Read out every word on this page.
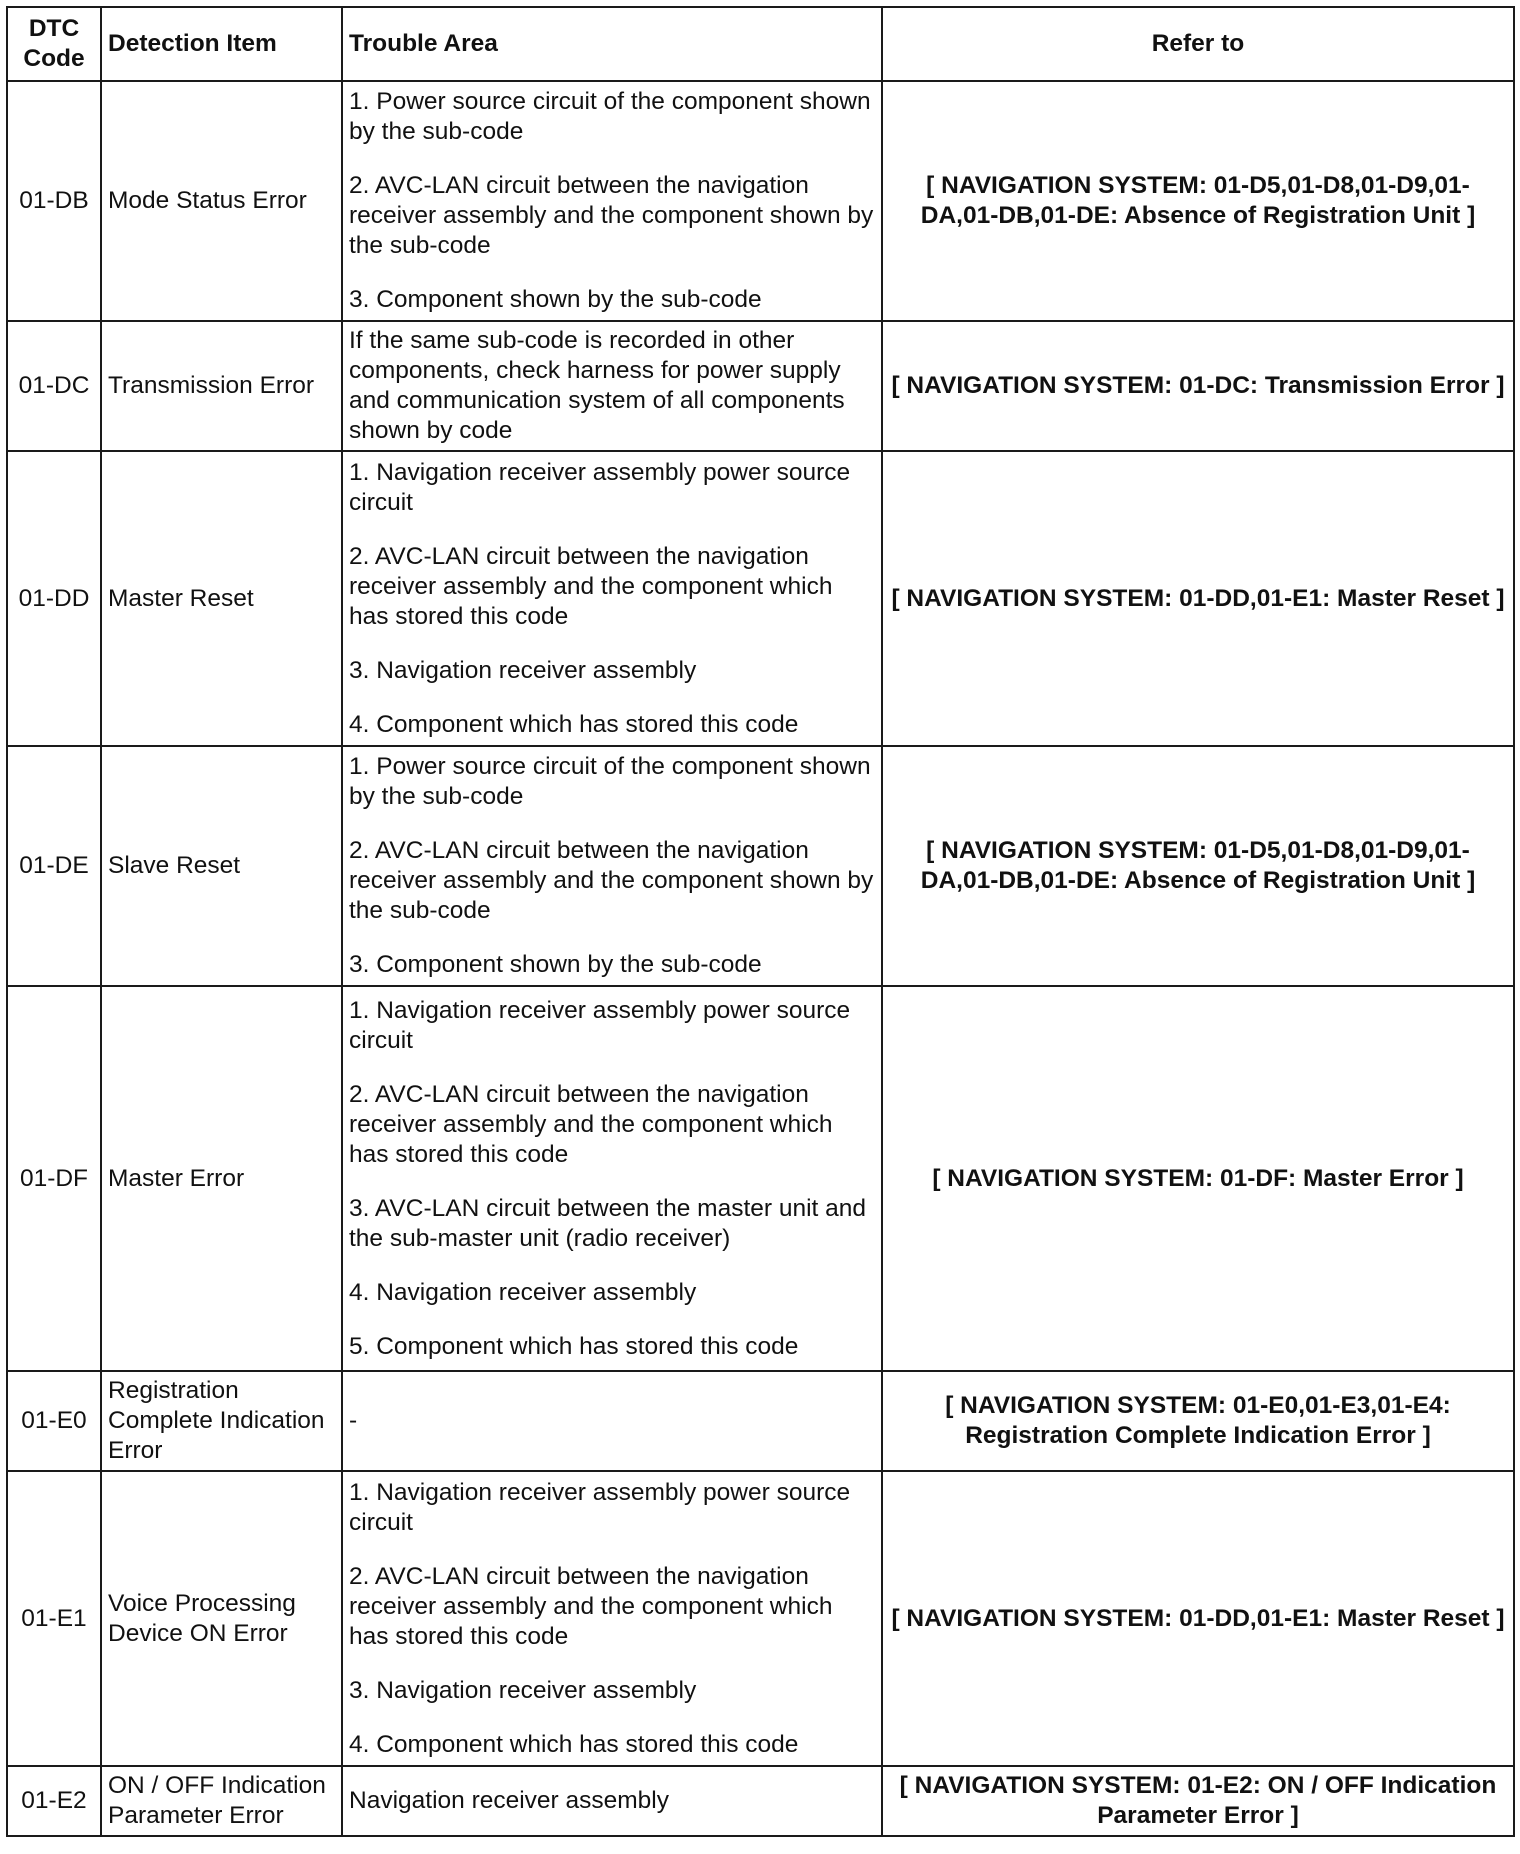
DTC Code	Detection Item	Trouble Area	Refer to
01-DB	Mode Status Error	1. Power source circuit of the component shown by the sub-code

2. AVC-LAN circuit between the navigation receiver assembly and the component shown by the sub-code

3. Component shown by the sub-code	[ NAVIGATION SYSTEM: 01-D5,01-D8,01-D9,01-DA,01-DB,01-DE: Absence of Registration Unit ]
01-DC	Transmission Error	If the same sub-code is recorded in other components, check harness for power supply and communication system of all components shown by code	[ NAVIGATION SYSTEM: 01-DC: Transmission Error ]
01-DD	Master Reset	1. Navigation receiver assembly power source circuit

2. AVC-LAN circuit between the navigation receiver assembly and the component which has stored this code

3. Navigation receiver assembly

4. Component which has stored this code	[ NAVIGATION SYSTEM: 01-DD,01-E1: Master Reset ]
01-DE	Slave Reset	1. Power source circuit of the component shown by the sub-code

2. AVC-LAN circuit between the navigation receiver assembly and the component shown by the sub-code

3. Component shown by the sub-code	[ NAVIGATION SYSTEM: 01-D5,01-D8,01-D9,01-DA,01-DB,01-DE: Absence of Registration Unit ]
01-DF	Master Error	1. Navigation receiver assembly power source circuit

2. AVC-LAN circuit between the navigation receiver assembly and the component which has stored this code

3. AVC-LAN circuit between the master unit and the sub-master unit (radio receiver)

4. Navigation receiver assembly

5. Component which has stored this code	[ NAVIGATION SYSTEM: 01-DF: Master Error ]
01-E0	Registration Complete Indication Error	-	[ NAVIGATION SYSTEM: 01-E0,01-E3,01-E4: Registration Complete Indication Error ]
01-E1	Voice Processing Device ON Error	1. Navigation receiver assembly power source circuit

2. AVC-LAN circuit between the navigation receiver assembly and the component which has stored this code

3. Navigation receiver assembly

4. Component which has stored this code	[ NAVIGATION SYSTEM: 01-DD,01-E1: Master Reset ]
01-E2	ON / OFF Indication Parameter Error	Navigation receiver assembly	[ NAVIGATION SYSTEM: 01-E2: ON / OFF Indication Parameter Error ]
